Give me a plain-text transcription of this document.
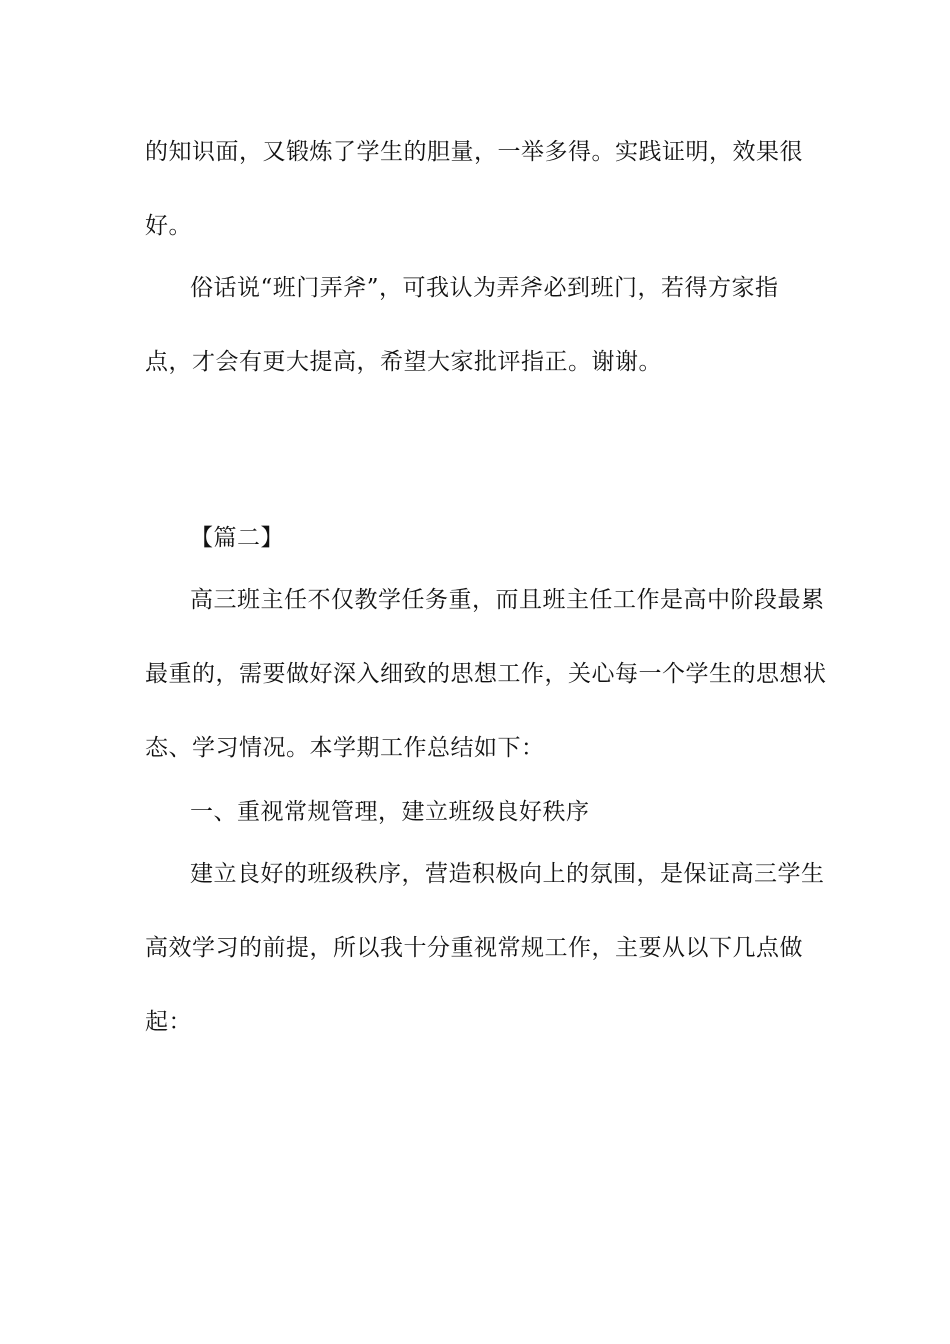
的知识面，又锻炼了学生的胆量，一举多得。实践证明，效果很

好。

俗话说“班门弄斧”，可我认为弄斧必到班门，若得方家指

点，才会有更大提高，希望大家批评指正。谢谢。

【篇二】

高三班主任不仅教学任务重，而且班主任工作是高中阶段最累

最重的，需要做好深入细致的思想工作，关心每一个学生的思想状

态、学习情况。本学期工作总结如下：

一、重视常规管理，建立班级良好秩序

建立良好的班级秩序，营造积极向上的氛围，是保证高三学生

高效学习的前提，所以我十分重视常规工作，主要从以下几点做

起：
